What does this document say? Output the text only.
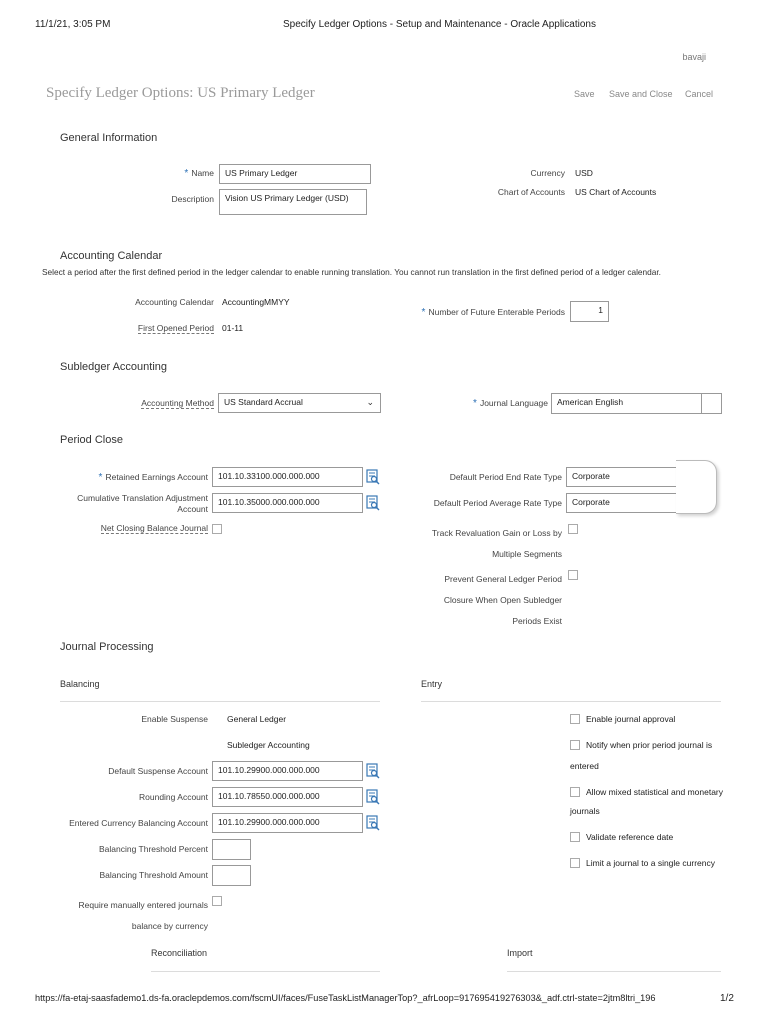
11/1/21, 3:05 PM	Specify Ledger Options - Setup and Maintenance - Oracle Applications
bavaji
Specify Ledger Options: US Primary Ledger	Save Save and Close Cancel
General Information
* Name	US Primary Ledger
Description	Vision US Primary Ledger (USD)
Currency USD
Chart of Accounts US Chart of Accounts
Accounting Calendar
Select a period after the first defined period in the ledger calendar to enable running translation. You cannot run translation in the first defined period of a ledger calendar.
Accounting Calendar AccountingMMYY
First Opened Period 01-11
* Number of Future Enterable Periods	1
Subledger Accounting
Accounting Method	US Standard Accrual	⌄	* Journal Language	American English
Period Close
* Retained Earnings Account	101.10.33100.000.000.000
Cumulative Translation Adjustment
Account
101.10.35000.000.000.000
Net Closing Balance Journal
Default Period End Rate Type	Corporate
Default Period Average Rate Type	Corporate
Track Revaluation Gain or Loss by
Multiple Segments
Prevent General Ledger Period
Closure When Open Subledger
Periods Exist
Journal Processing
Balancing	Entry
Enable Suspense General Ledger
Subledger Accounting
Default Suspense Account	101.10.29900.000.000.000
Rounding Account	101.10.78550.000.000.000
Entered Currency Balancing Account	101.10.29900.000.000.000
Balancing Threshold Percent
Balancing Threshold Amount
Require manually entered journals
balance by currency
Enable journal approval
Notify when prior period journal is
entered
Allow mixed statistical and monetary
journals
Validate reference date
Limit a journal to a single currency
Reconciliation	Import
https://fa-etaj-saasfademo1.ds-fa.oraclepdemos.com/fscmUI/faces/FuseTaskListManagerTop?_afrLoop=917695419276303&_adf.ctrl-state=2jtm8ltri_196	1/2
